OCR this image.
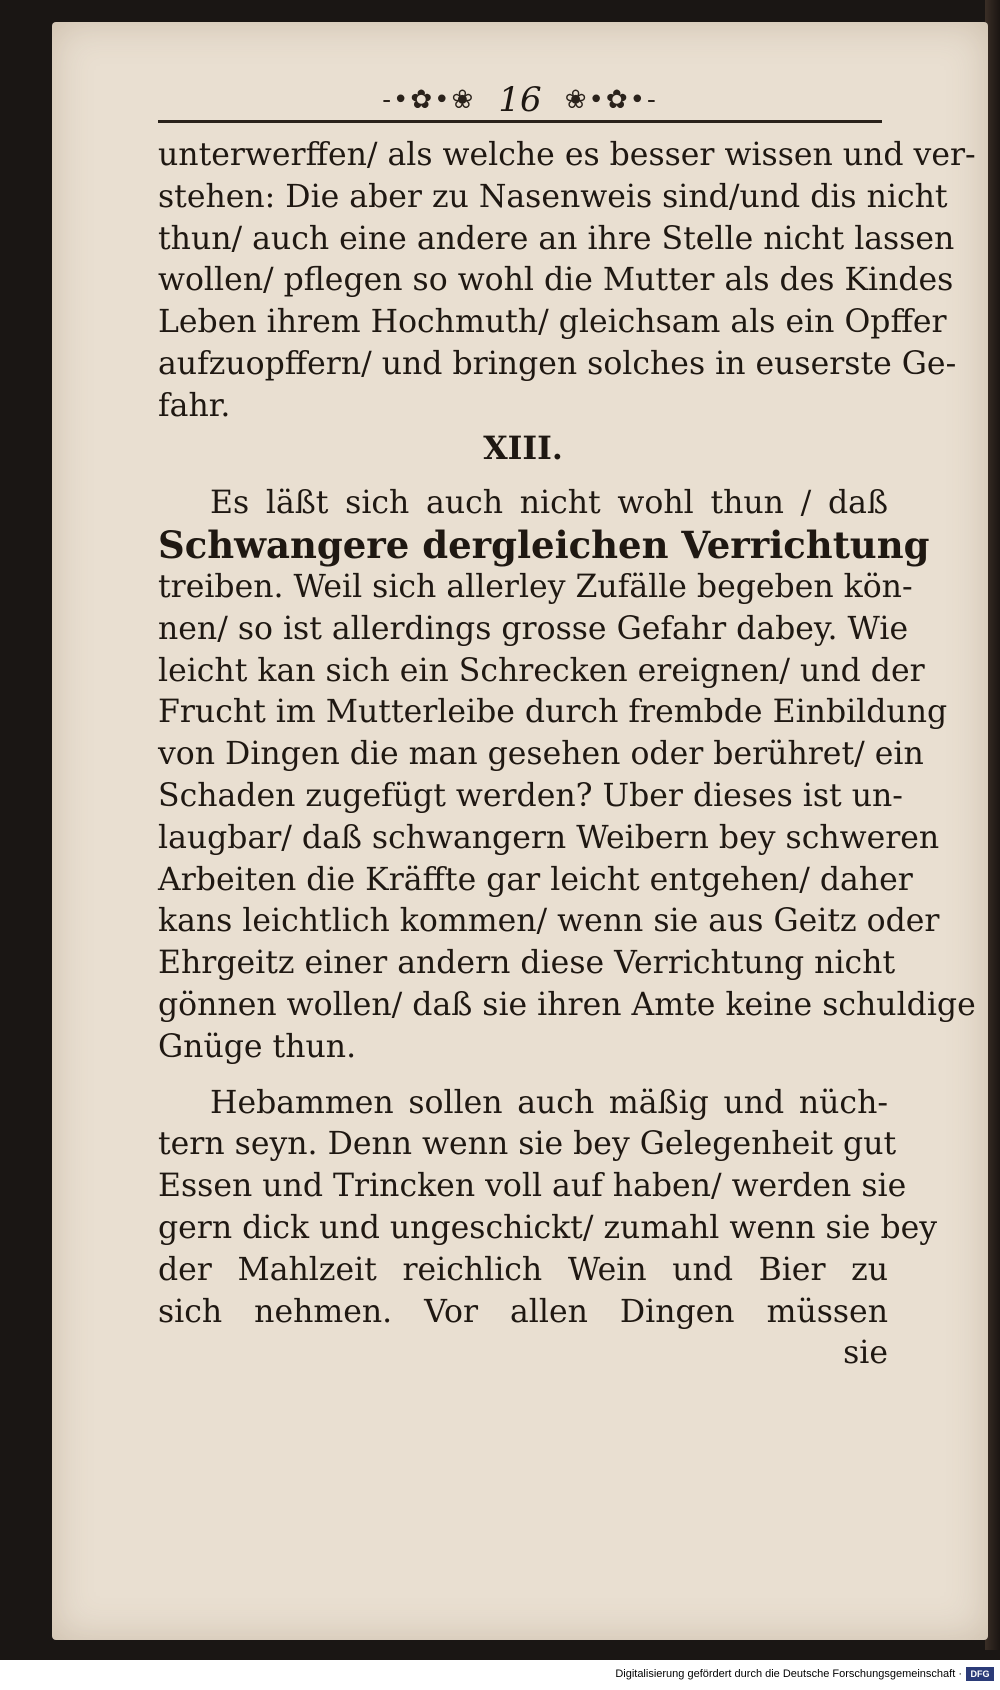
-•✿•❀ 16 ❀•✿•-
unterwerffen/ als welche es besser wissen und ver-
stehen: Die aber zu Nasenweis sind/und dis nicht
thun/ auch eine andere an ihre Stelle nicht lassen
wollen/ pflegen so wohl die Mutter als des Kindes
Leben ihrem Hochmuth/ gleichsam als ein Opffer
aufzuopffern/ und bringen solches in euserste Ge-
fahr.
XIII.
Es läßt sich auch nicht wohl thun / daß
Schwangere dergleichen Verrichtung
treiben. Weil sich allerley Zufälle begeben kön-
nen/ so ist allerdings grosse Gefahr dabey. Wie
leicht kan sich ein Schrecken ereignen/ und der
Frucht im Mutterleibe durch frembde Einbildung
von Dingen die man gesehen oder berühret/ ein
Schaden zugefügt werden? Uber dieses ist un-
laugbar/ daß schwangern Weibern bey schweren
Arbeiten die Kräffte gar leicht entgehen/ daher
kans leichtlich kommen/ wenn sie aus Geitz oder
Ehrgeitz einer andern diese Verrichtung nicht
gönnen wollen/ daß sie ihren Amte keine schuldige
Gnüge thun.
Hebammen sollen auch mäßig und nüch-
tern seyn. Denn wenn sie bey Gelegenheit gut
Essen und Trincken voll auf haben/ werden sie
gern dick und ungeschickt/ zumahl wenn sie bey
der Mahlzeit reichlich Wein und Bier zu
sich nehmen. Vor allen Dingen müssen
sie
Digitalisierung gefördert durch die Deutsche Forschungsgemeinschaft · DFG
